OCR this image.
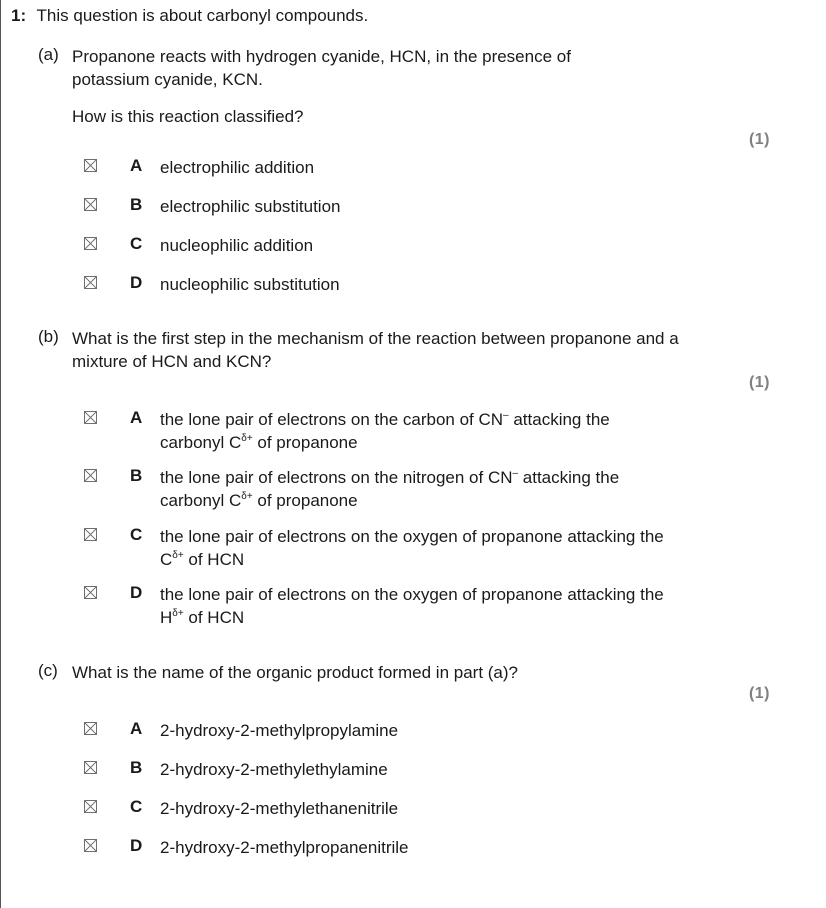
1: This question is about carbonyl compounds.
(a) Propanone reacts with hydrogen cyanide, HCN, in the presence of
potassium cyanide, KCN.
How is this reaction classified?
(1)
A electrophilic addition
B electrophilic substitution
C nucleophilic addition
D nucleophilic substitution
(b) What is the first step in the mechanism of the reaction between propanone and a
mixture of HCN and KCN?
(1)
A the lone pair of electrons on the carbon of CN– attacking the
carbonyl $C^{\delta+}$ of propanone
B the lone pair of electrons on the nitrogen of CN– attacking the
carbonyl $C^{\delta+}$ of propanone
C the lone pair of electrons on the oxygen of propanone attacking the
$C^{\delta+}$ of HCN
D the lone pair of electrons on the oxygen of propanone attacking the
$H^{\delta+}$ of HCN
(c) What is the name of the organic product formed in part (a)?
(1)
A 2-hydroxy-2-methylpropylamine
B 2-hydroxy-2-methylethylamine
C 2-hydroxy-2-methylethanenitrile
D 2-hydroxy-2-methylpropanenitrile
